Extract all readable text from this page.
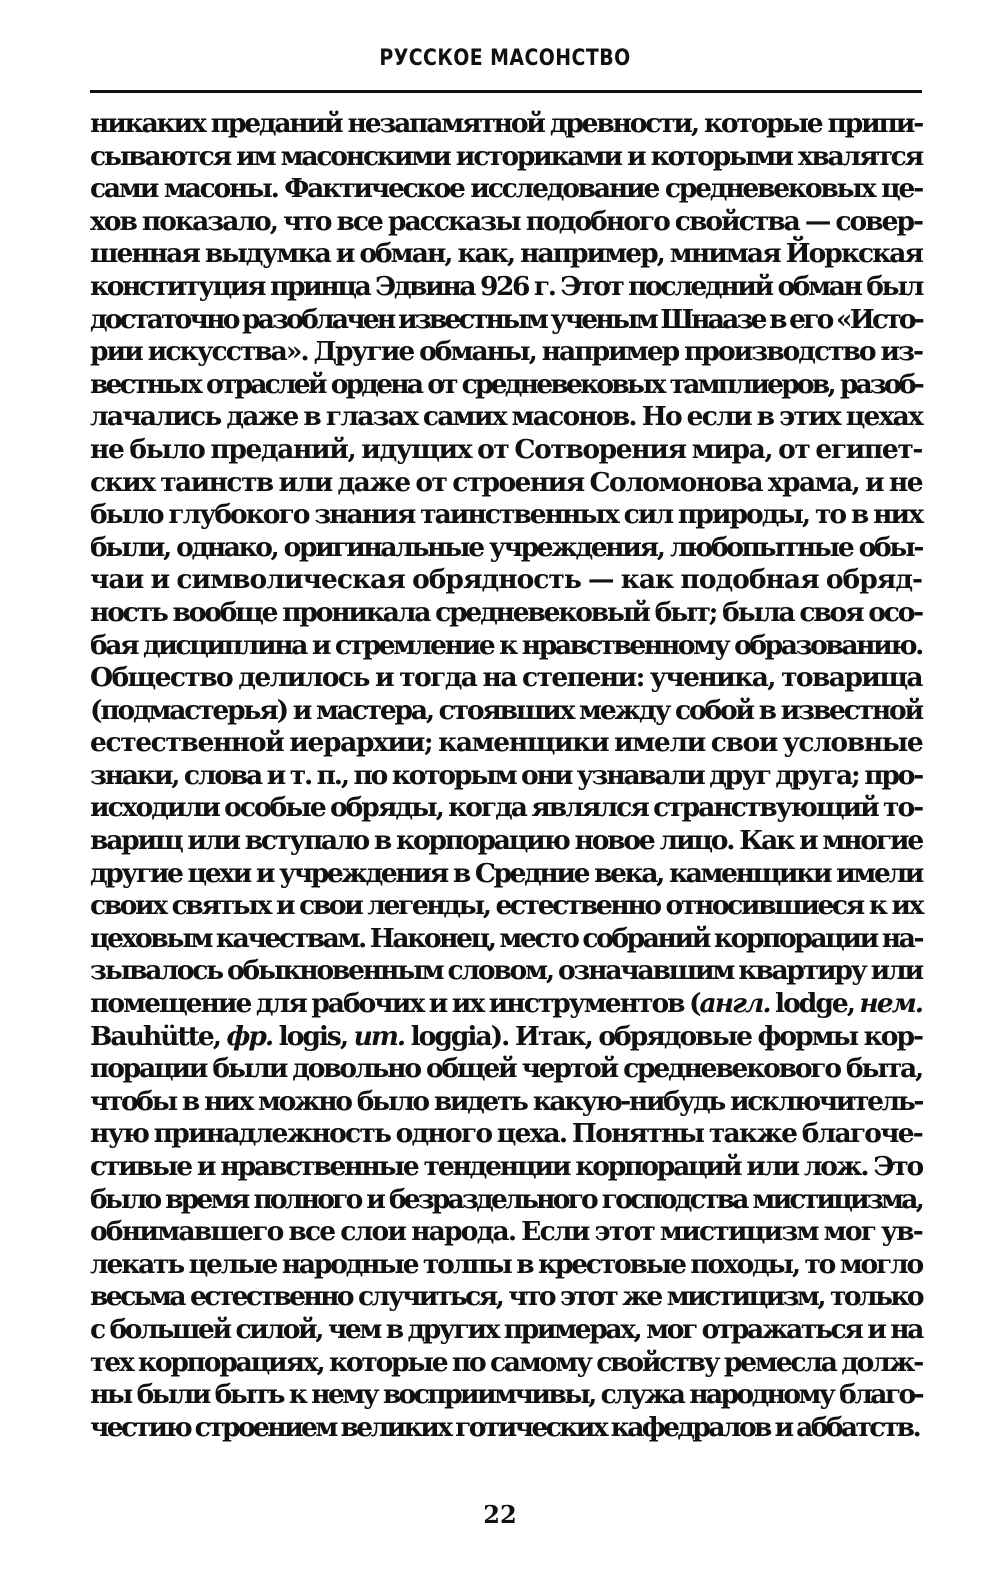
РУССКОЕ МАСОНСТВО
никаких преданий незапамятной древности, которые припи-
сываются им масонскими историками и которыми хвалятся
сами масоны. Фактическое исследование средневековых це-
хов показало, что все рассказы подобного свойства — совер-
шенная выдумка и обман, как, например, мнимая Йоркская
конституция принца Эдвина 926 г. Этот последний обман был
достаточно разоблачен известным ученым Шнаазе в его «Исто-
рии искусства». Другие обманы, например производство из-
вестных отраслей ордена от средневековых тамплиеров, разоб-
лачались даже в глазах самих масонов. Но если в этих цехах
не было преданий, идущих от Сотворения мира, от египет-
ских таинств или даже от строения Соломонова храма, и не
было глубокого знания таинственных сил природы, то в них
были, однако, оригинальные учреждения, любопытные обы-
чаи и символическая обрядность — как подобная обряд-
ность вообще проникала средневековый быт; была своя осо-
бая дисциплина и стремление к нравственному образованию.
Общество делилось и тогда на степени: ученика, товарища
(подмастерья) и мастера, стоявших между собой в известной
естественной иерархии; каменщики имели свои условные
знаки, слова и т. п., по которым они узнавали друг друга; про-
исходили особые обряды, когда являлся странствующий то-
варищ или вступало в корпорацию новое лицо. Как и многие
другие цехи и учреждения в Средние века, каменщики имели
своих святых и свои легенды, естественно относившиеся к их
цеховым качествам. Наконец, место собраний корпорации на-
зывалось обыкновенным словом, означавшим квартиру или
помещение для рабочих и их инструментов (англ. lodge, нем.
Bauhütte, фр. logis, ит. loggia). Итак, обрядовые формы кор-
порации были довольно общей чертой средневекового быта,
чтобы в них можно было видеть какую-нибудь исключитель-
ную принадлежность одного цеха. Понятны также благоче-
стивые и нравственные тенденции корпораций или лож. Это
было время полного и безраздельного господства мистицизма,
обнимавшего все слои народа. Если этот мистицизм мог ув-
лекать целые народные толпы в крестовые походы, то могло
весьма естественно случиться, что этот же мистицизм, только
с большей силой, чем в других примерах, мог отражаться и на
тех корпорациях, которые по самому свойству ремесла долж-
ны были быть к нему восприимчивы, служа народному благо-
честию строением великих готических кафедралов и аббатств.
22
